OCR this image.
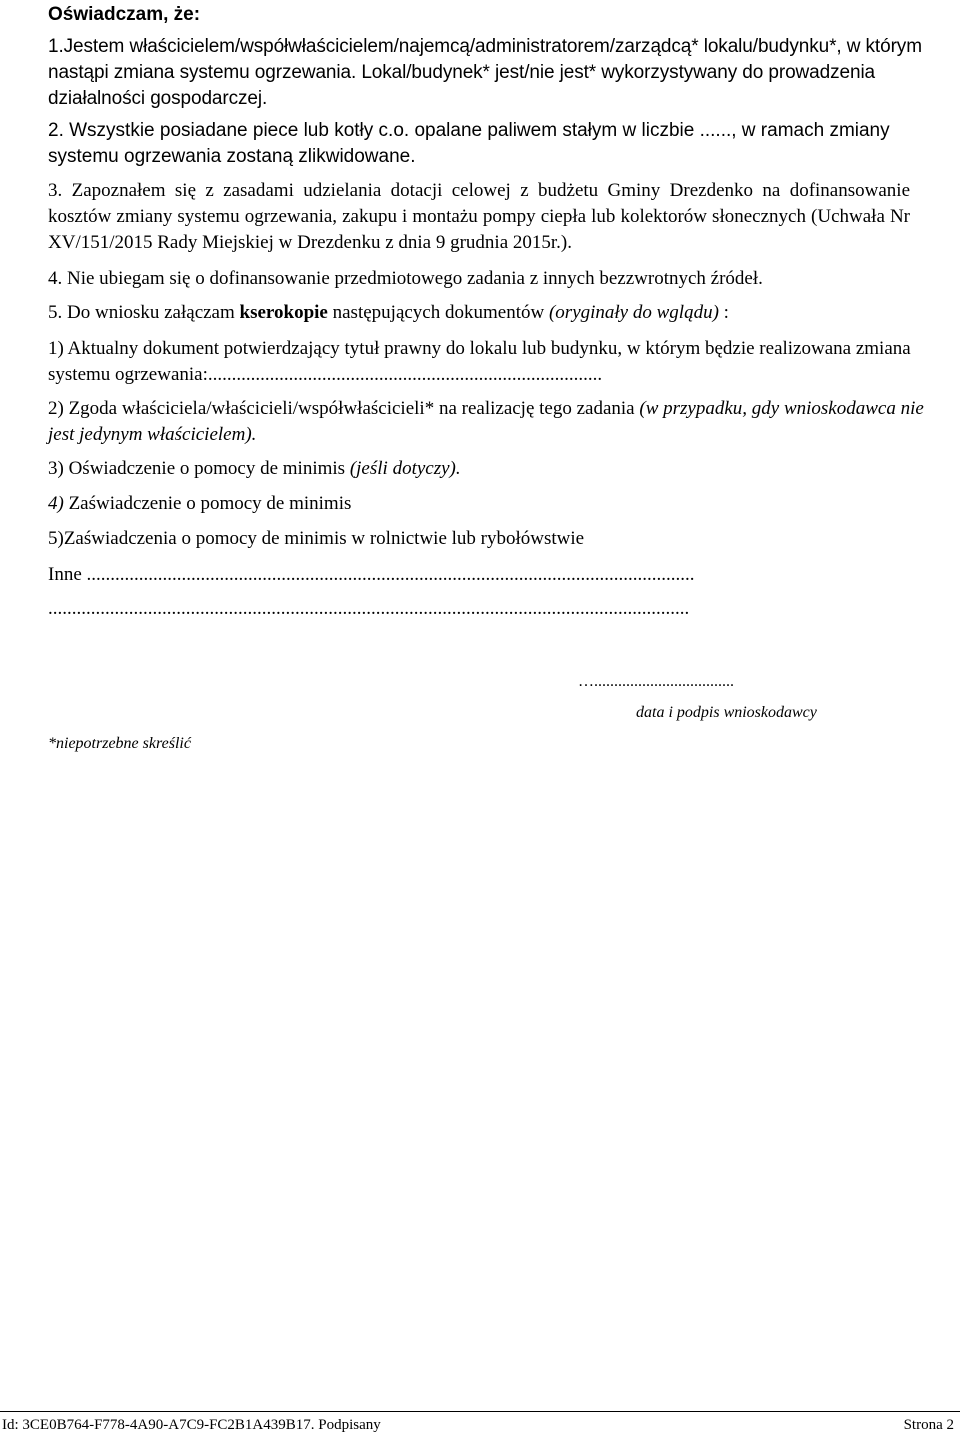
Oświadczam, że:
1.Jestem właścicielem/współwłaścicielem/najemcą/administratorem/zarządcą* lokalu/budynku*, w którym nastąpi zmiana systemu ogrzewania. Lokal/budynek* jest/nie jest* wykorzystywany do prowadzenia działalności gospodarczej.
2. Wszystkie posiadane piece lub kotły c.o. opalane paliwem stałym w liczbie ......, w ramach zmiany systemu ogrzewania zostaną zlikwidowane.
3. Zapoznałem się z zasadami udzielania dotacji celowej z budżetu Gminy Drezdenko na dofinansowanie kosztów zmiany systemu ogrzewania, zakupu i montażu pompy ciepła lub kolektorów słonecznych (Uchwała Nr XV/151/2015 Rady Miejskiej w Drezdenku z dnia 9 grudnia 2015r.).
4. Nie ubiegam się o dofinansowanie przedmiotowego zadania z innych bezzwrotnych źródeł.
5. Do wniosku załączam kserokopie następujących dokumentów (oryginały do wglądu) :
1) Aktualny dokument potwierdzający tytuł prawny do lokalu lub budynku, w którym będzie realizowana zmiana systemu ogrzewania:...................................................................................
2) Zgoda właściciela/właścicieli/współwłaścicieli* na realizację tego zadania (w przypadku, gdy wnioskodawca nie jest jedynym właścicielem).
3) Oświadczenie o pomocy de minimis (jeśli dotyczy).
4) Zaświadczenie o pomocy de minimis
5)Zaświadczenia o pomocy de minimis w rolnictwie lub rybołówstwie
Inne ................................................................................................................................
.......................................................................................................................................
…...................................
data i podpis wnioskodawcy
*niepotrzebne skreślić
Id: 3CE0B764-F778-4A90-A7C9-FC2B1A439B17. Podpisany	Strona 2
